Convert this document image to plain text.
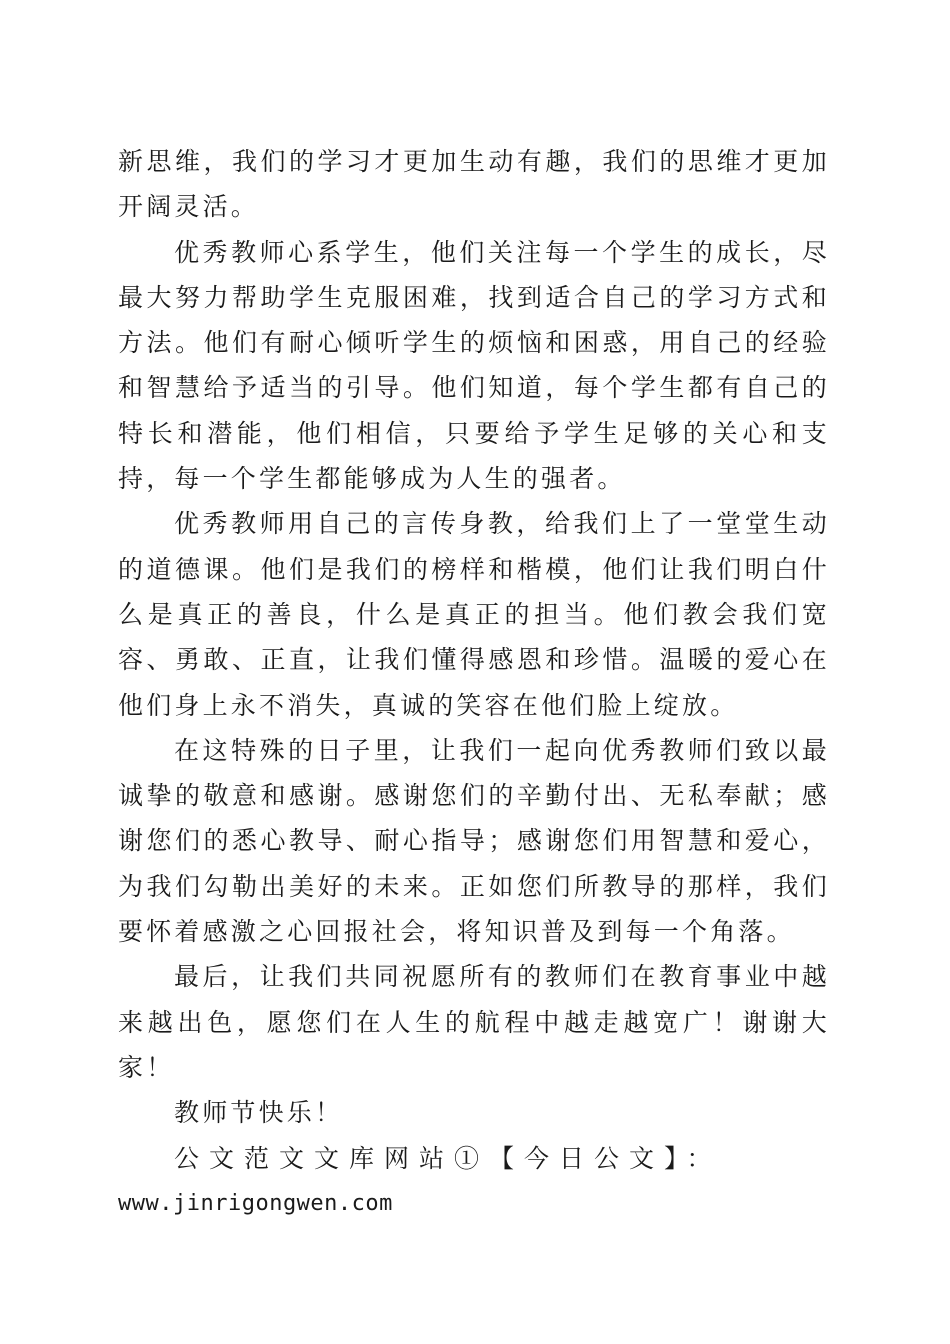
新思维，我们的学习才更加生动有趣，我们的思维才更加开阔灵活。

优秀教师心系学生，他们关注每一个学生的成长，尽最大努力帮助学生克服困难，找到适合自己的学习方式和方法。他们有耐心倾听学生的烦恼和困惑，用自己的经验和智慧给予适当的引导。他们知道，每个学生都有自己的特长和潜能，他们相信，只要给予学生足够的关心和支持，每一个学生都能够成为人生的强者。

优秀教师用自己的言传身教，给我们上了一堂堂生动的道德课。他们是我们的榜样和楷模，他们让我们明白什么是真正的善良，什么是真正的担当。他们教会我们宽容、勇敢、正直，让我们懂得感恩和珍惜。温暖的爱心在他们身上永不消失，真诚的笑容在他们脸上绽放。

在这特殊的日子里，让我们一起向优秀教师们致以最诚挚的敬意和感谢。感谢您们的辛勤付出、无私奉献；感谢您们的悉心教导、耐心指导；感谢您们用智慧和爱心，为我们勾勒出美好的未来。正如您们所教导的那样，我们要怀着感激之心回报社会，将知识普及到每一个角落。

最后，让我们共同祝愿所有的教师们在教育事业中越来越出色，愿您们在人生的航程中越走越宽广！谢谢大家！

教师节快乐！

公文范文文库网站①【今日公文】：

www.jinrigongwen.com
